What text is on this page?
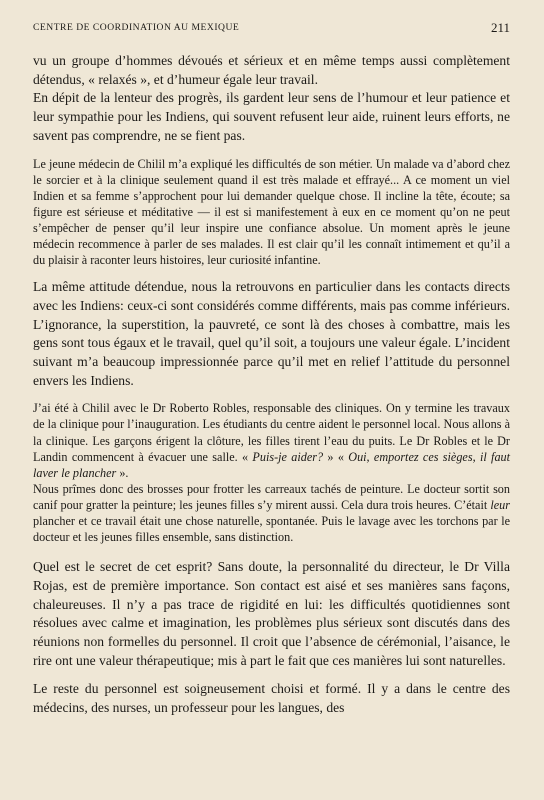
CENTRE DE COORDINATION AU MEXIQUE	211

vu un groupe d’hommes dévoués et sérieux et en même temps aussi complètement détendus, « relaxés », et d’humeur égale leur travail.

En dépit de la lenteur des progrès, ils gardent leur sens de l’humour et leur patience et leur sympathie pour les Indiens, qui souvent refusent leur aide, ruinent leurs efforts, ne savent pas comprendre, ne se fient pas.

Le jeune médecin de Chilil m’a expliqué les difficultés de son métier. Un malade va d’abord chez le sorcier et à la clinique seulement quand il est très malade et effrayé... A ce moment un viel Indien et sa femme s’approchent pour lui demander quelque chose. Il incline la tête, écoute; sa figure est sérieuse et méditative — il est si manifestement à eux en ce moment qu’on ne peut s’empêcher de penser qu’il leur inspire une confiance absolue. Un moment après le jeune médecin recommence à parler de ses malades. Il est clair qu’il les connaît intimement et qu’il a du plaisir à raconter leurs histoires, leur curiosité infantine.

La même attitude détendue, nous la retrouvons en particulier dans les contacts directs avec les Indiens: ceux-ci sont considérés comme différents, mais pas comme inférieurs. L’ignorance, la superstition, la pauvreté, ce sont là des choses à combattre, mais les gens sont tous égaux et le travail, quel qu’il soit, a toujours une valeur égale. L’incident suivant m’a beaucoup impressionnée parce qu’il met en relief l’attitude du personnel envers les Indiens.

J’ai été à Chilil avec le Dr Roberto Robles, responsable des cliniques. On y termine les travaux de la clinique pour l’inauguration. Les étudiants du centre aident le personnel local. Nous allons à la clinique. Les garçons érigent la clôture, les filles tirent l’eau du puits. Le Dr Robles et le Dr Landin commencent à évacuer une salle. « Puis-je aider? » « Oui, emportez ces sièges, il faut laver le plancher ».

Nous prîmes donc des brosses pour frotter les carreaux tachés de peinture. Le docteur sortit son canif pour gratter la peinture; les jeunes filles s’y mirent aussi. Cela dura trois heures. C’était leur plancher et ce travail était une chose naturelle, spontanée. Puis le lavage avec les torchons par le docteur et les jeunes filles ensemble, sans distinction.

Quel est le secret de cet esprit? Sans doute, la personnalité du directeur, le Dr Villa Rojas, est de première importance. Son contact est aisé et ses manières sans façons, chaleureuses. Il n’y a pas trace de rigidité en lui: les difficultés quotidiennes sont résolues avec calme et imagination, les problèmes plus sérieux sont discutés dans des réunions non formelles du personnel. Il croit que l’absence de cérémonial, l’aisance, le rire ont une valeur thérapeutique; mis à part le fait que ces manières lui sont naturelles.

Le reste du personnel est soigneusement choisi et formé. Il y a dans le centre des médecins, des nurses, un professeur pour les langues, des
